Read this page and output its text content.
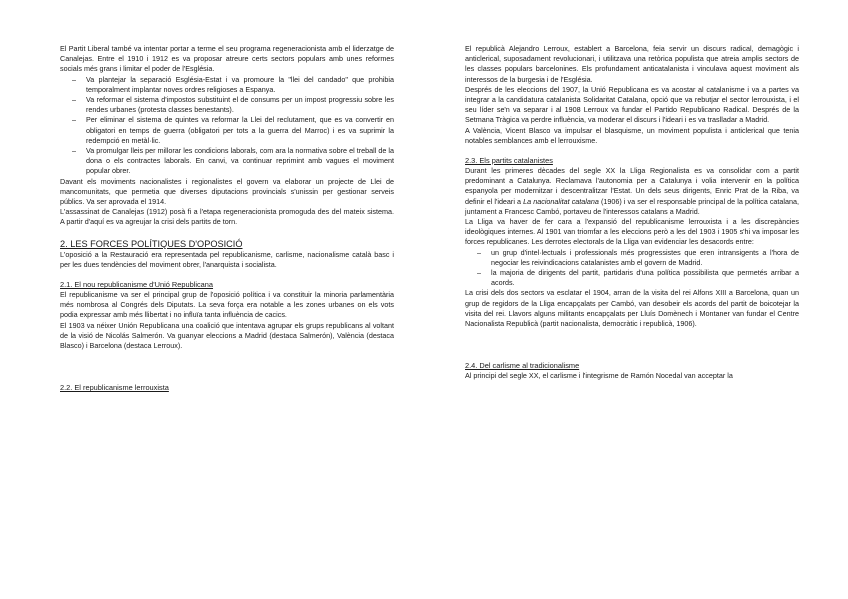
El Partit Liberal també va intentar portar a terme el seu programa regeneracionista amb el liderzatge de Canalejas. Entre el 1910 i 1912 es va proposar atreure certs sectors populars amb unes reformes socials més grans i limitar el poder de l'Església.

– Va plantejar la separació Església-Estat i va promoure la "llei del candado" que prohibia temporalment implantar noves ordres religioses a Espanya.
– Va reformar el sistema d'impostos substituint el de consums per un impost progressiu sobre les rendes urbanes (protesta classes benestants).
– Per eliminar el sistema de quintes va reformar la Llei del reclutament, que es va convertir en obligatori en temps de guerra (obligatori per tots a la guerra del Marroc) i es va suprimir la redempció en metàl·lic.
– Va promulgar lleis per millorar les condicions laborals, com ara la normativa sobre el treball de la dona o els contractes laborals. En canvi, va continuar reprimint amb vagues el moviment popular obrer.

Davant els moviments nacionalistes i regionalistes el govern va elaborar un projecte de Llei de mancomunitats, que permetia que diverses diputacions provincials s'unissin per gestionar serveis públics. Va ser aprovada el 1914.

L'assassinat de Canalejas (1912) posà fi a l'etapa regeneracionista promoguda des del mateix sistema. A partir d'aquí es va agreujar la crisi dels partits de torn.

2. LES FORCES POLÍTIQUES D'OPOSICIÓ

L'oposició a la Restauració era representada pel republicanisme, carlisme, nacionalisme català basc i per les dues tendències del moviment obrer, l'anarquista i socialista.

2.1. El nou republicanisme d'Unió Republicana

El republicanisme va ser el principal grup de l'oposició política i va constituir la minoria parlamentària més nombrosa al Congrés dels Diputats. La seva força era notable a les zones urbanes on els vots podia expressar amb més llibertat i no influïa tanta influència de cacics.

El 1903 va néixer Unión Republicana una coalició que intentava agrupar els grups republicans al voltant de la visió de Nicolás Salmerón. Va guanyar eleccions a Madrid (destaca Salmerón), València (destaca Blasco) i Barcelona (destaca Lerroux).

2.2. El republicanisme lerrouxista

El republicà Alejandro Lerroux, establert a Barcelona, feia servir un discurs radical, demagògic i anticlerical, suposadament revolucionari, i utilitzava una retòrica populista que atreia amplis sectors de les classes populars barcelonines. Els profundament anticatalanista i vinculava aquest moviment als interessos de la burgesia i de l'Església.

Després de les eleccions del 1907, la Unió Republicana es va acostar al catalanisme i va a partes va integrar a la candidatura catalanista Solidaritat Catalana, opció que va rebutjar el sector lerrouxista, i el seu líder se'n va separar i al 1908 Lerroux va fundar el Partido Republicano Radical. Després de la Setmana Tràgica va perdre influència, va moderar el discurs i l'ideari i es va traslladar a Madrid.

A València, Vicent Blasco va impulsar el blasquisme, un moviment populista i anticlerical que tenia notables semblances amb el lerrouxisme.

2.3. Els partits catalanistes

Durant les primeres dècades del segle XX la Lliga Regionalista es va consolidar com a partit predominant a Catalunya. Reclamava l'autonomia per a Catalunya i volia intervenir en la política espanyola per modernitzar i descentralitzar l'Estat. Un dels seus dirigents, Enric Prat de la Riba, va definir el l'ideari a La nacionalitat catalana (1906) i va ser el responsable principal de la política catalana, juntament a Francesc Cambó, portaveu de l'interessos catalans a Madrid.

La Lliga va haver de fer cara a l'expansió del republicanisme lerrouxista i a les discrepàncies ideològiques internes. Al 1901 van triomfar a les eleccions però a les del 1903 i 1905 s'hi va imposar les forces republicanes. Les derrotes electorals de la Lliga van evidenciar les desacords entre:

– un grup d'intel·lectuals i professionals més progressistes que eren intransigents a l'hora de negociar les reivindicacions catalanistes amb el govern de Madrid.
– la majoria de dirigents del partit, partidaris d'una política possibilista que permetés arribar a acords.

La crisi dels dos sectors va esclatar el 1904, arran de la visita del rei Alfons XIII a Barcelona, quan un grup de regidors de la Lliga encapçalats per Cambó, van desobeir els acords del partit de boicotejar la visita del rei. Llavors alguns militants encapçalats per Lluís Domènech i Montaner van fundar el Centre Nacionalista Republicà (partit nacionalista, democràtic i republicà, 1906).

2.4. Del carlisme al tradicionalisme

Al principi del segle XX, el carlisme i l'integrisme de Ramón Nocedal van acceptar la
